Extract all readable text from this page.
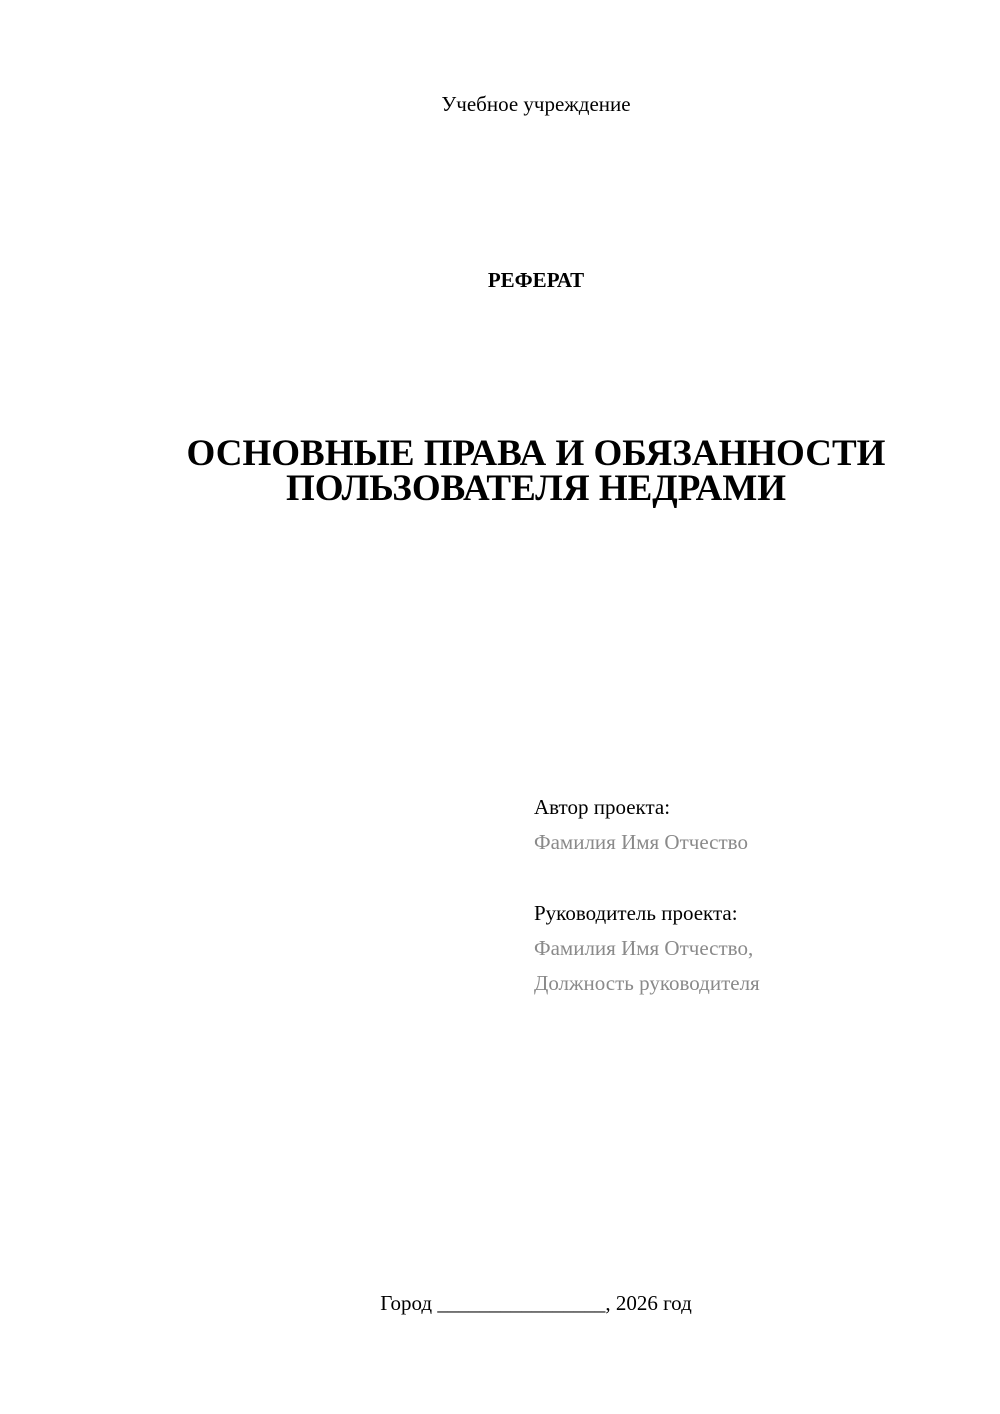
Учебное учреждение
РЕФЕРАТ
ОСНОВНЫЕ ПРАВА И ОБЯЗАННОСТИ
ПОЛЬЗОВАТЕЛЯ НЕДРАМИ
Автор проекта:
Фамилия Имя Отчество
Руководитель проекта:
Фамилия Имя Отчество,
Должность руководителя
Город ________________, 2026 год
